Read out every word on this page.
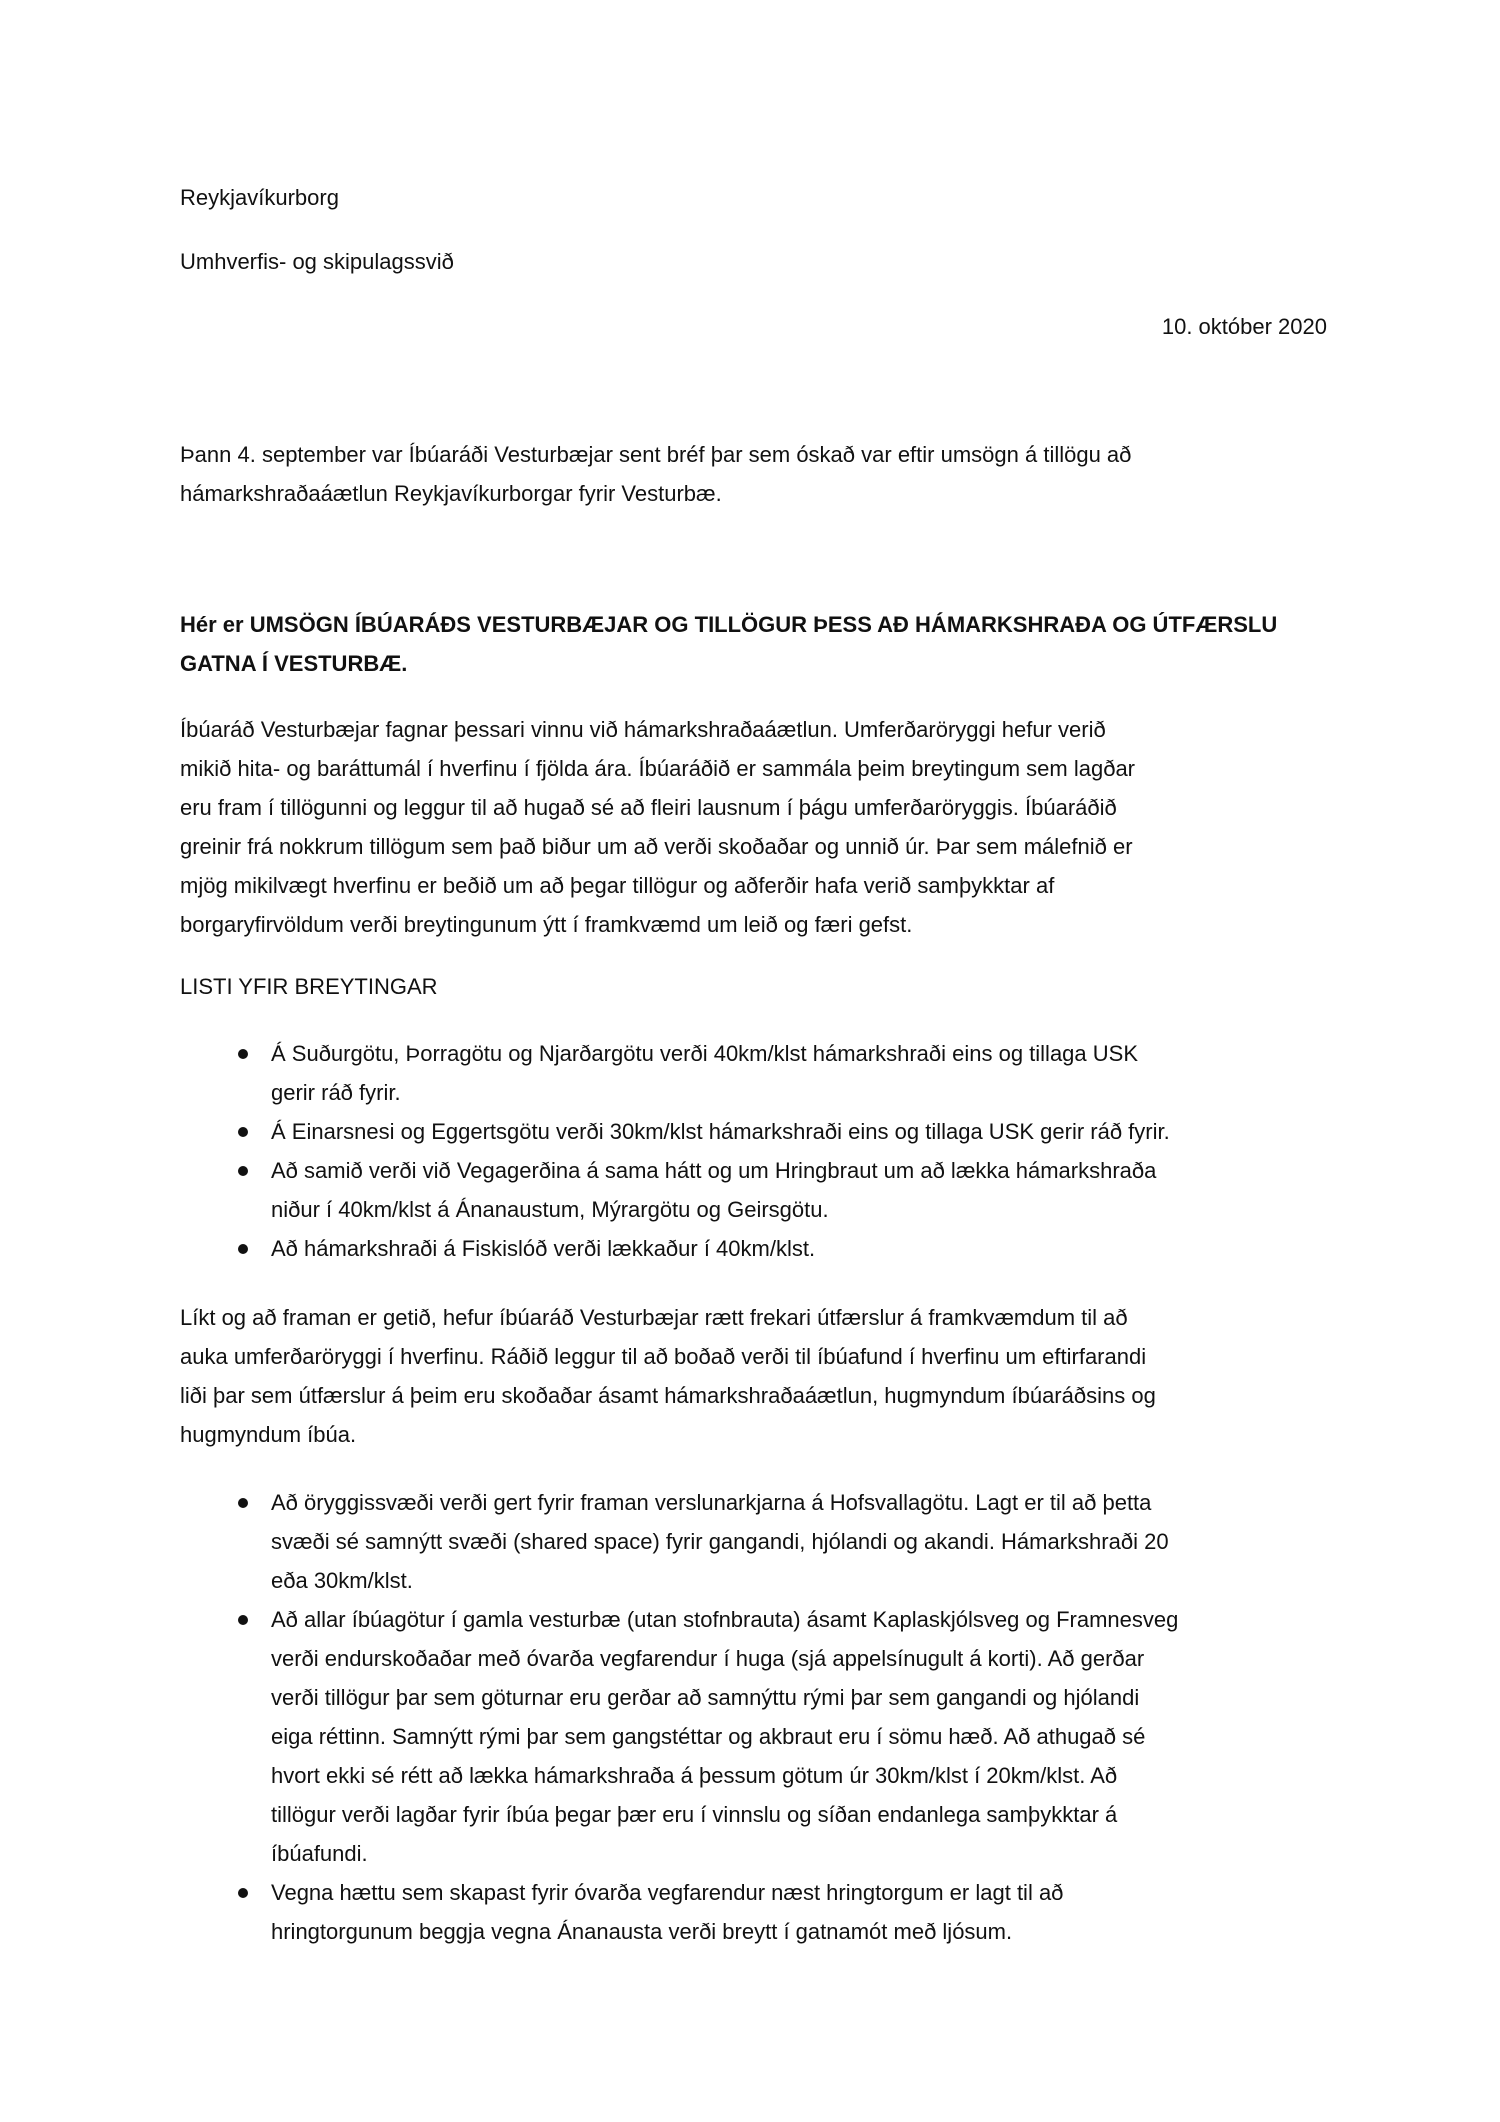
Reykjavíkurborg
Umhverfis- og skipulagssvið
10. október 2020
Þann 4. september var Íbúaráði Vesturbæjar sent bréf þar sem óskað var eftir umsögn á tillögu að
hámarkshraðaáætlun Reykjavíkurborgar fyrir Vesturbæ.
Hér er UMSÖGN ÍBÚARÁÐS VESTURBÆJAR OG TILLÖGUR ÞESS AÐ HÁMARKSHRAÐA OG ÚTFÆRSLU
GATNA Í VESTURBÆ.
Íbúaráð Vesturbæjar fagnar þessari vinnu við hámarkshraðaáætlun. Umferðaröryggi hefur verið
mikið hita- og baráttumál í hverfinu í fjölda ára. Íbúaráðið er sammála þeim breytingum sem lagðar
eru fram í tillögunni og leggur til að hugað sé að fleiri lausnum í þágu umferðaröryggis. Íbúaráðið
greinir frá nokkrum tillögum sem það biður um að verði skoðaðar og unnið úr. Þar sem málefnið er
mjög mikilvægt hverfinu er beðið um að þegar tillögur og aðferðir hafa verið samþykktar af
borgaryfirvöldum verði breytingunum ýtt í framkvæmd um leið og færi gefst.
LISTI YFIR BREYTINGAR
Á Suðurgötu, Þorragötu og Njarðargötu verði 40km/klst hámarkshraði eins og tillaga USK
gerir ráð fyrir.
Á Einarsnesi og Eggertsgötu verði 30km/klst hámarkshraði eins og tillaga USK gerir ráð fyrir.
Að samið verði við Vegagerðina á sama hátt og um Hringbraut um að lækka hámarkshraða
niður í 40km/klst á Ánanaustum, Mýrargötu og Geirsgötu.
Að hámarkshraði á Fiskislóð verði lækkaður í 40km/klst.
Líkt og að framan er getið, hefur íbúaráð Vesturbæjar rætt frekari útfærslur á framkvæmdum til að
auka umferðaröryggi í hverfinu. Ráðið leggur til að boðað verði til íbúafund í hverfinu um eftirfarandi
liði þar sem útfærslur á þeim eru skoðaðar ásamt hámarkshraðaáætlun, hugmyndum íbúaráðsins og
hugmyndum íbúa.
Að öryggissvæði verði gert fyrir framan verslunarkjarna á Hofsvallagötu. Lagt er til að þetta
svæði sé samnýtt svæði (shared space) fyrir gangandi, hjólandi og akandi. Hámarkshraði 20
eða 30km/klst.
Að allar íbúagötur í gamla vesturbæ (utan stofnbrauta) ásamt Kaplaskjólsveg og Framnesveg
verði endurskoðaðar með óvarða vegfarendur í huga (sjá appelsínugult á korti). Að gerðar
verði tillögur þar sem göturnar eru gerðar að samnýttu rými þar sem gangandi og hjólandi
eiga réttinn. Samnýtt rými þar sem gangstéttar og akbraut eru í sömu hæð. Að athugað sé
hvort ekki sé rétt að lækka hámarkshraða á þessum götum úr 30km/klst í 20km/klst. Að
tillögur verði lagðar fyrir íbúa þegar þær eru í vinnslu og síðan endanlega samþykktar á
íbúafundi.
Vegna hættu sem skapast fyrir óvarða vegfarendur næst hringtorgum er lagt til að
hringtorgunum beggja vegna Ánanausta verði breytt í gatnamót með ljósum.
